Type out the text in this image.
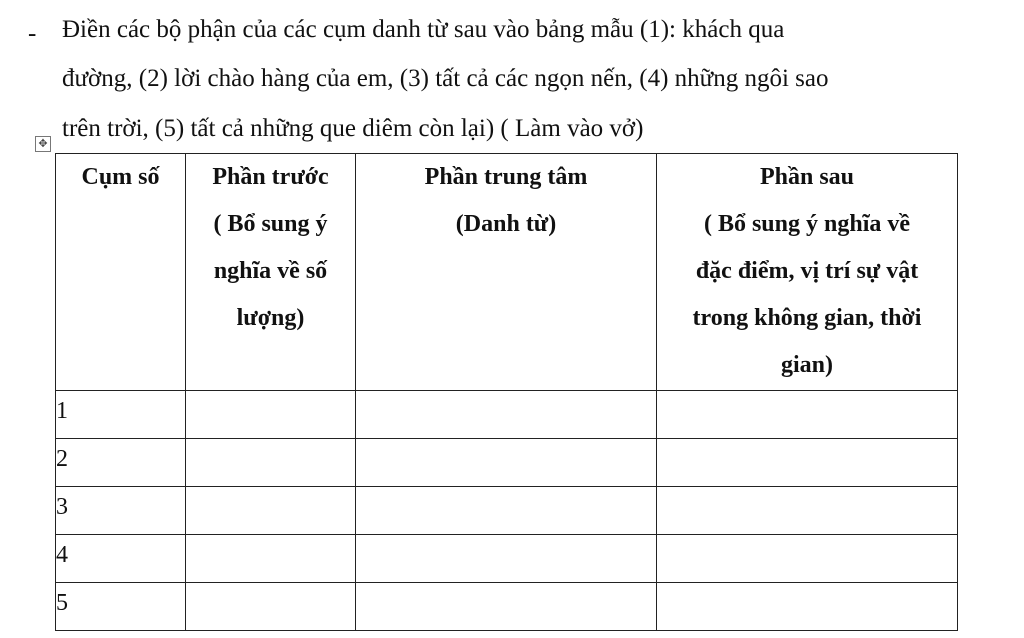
- Điền các bộ phận của các cụm danh từ sau vào bảng mẫu (1): khách qua
đường, (2) lời chào hàng của em, (3) tất cả các ngọn nến, (4) những ngôi sao
trên trời, (5) tất cả những que diêm còn lại) ( Làm vào vở)
✥
Cụm số	Phần trước
( Bổ sung ý
nghĩa về số
lượng)	Phần trung tâm
(Danh từ)	Phần sau
( Bổ sung ý nghĩa về
đặc điểm, vị trí sự vật
trong không gian, thời
gian)

1			
2			
3			
4			
5			
